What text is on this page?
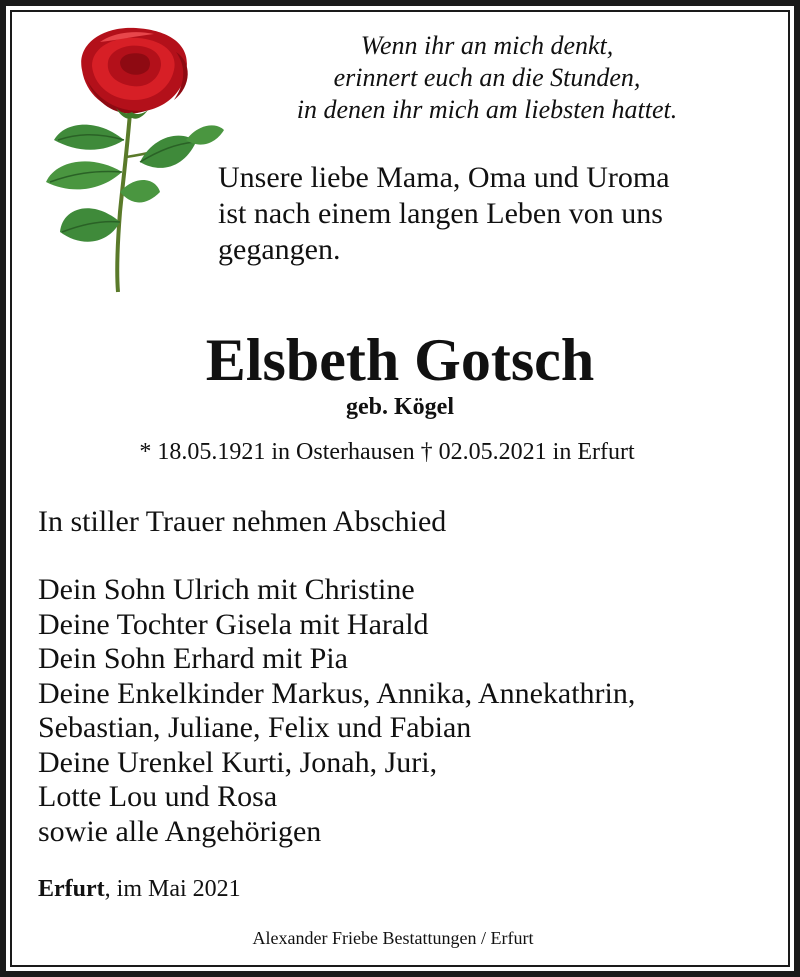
Wenn ihr an mich denkt,
erinnert euch an die Stunden,
in denen ihr mich am liebsten hattet.
Unsere liebe Mama, Oma und Uroma
ist nach einem langen Leben von uns
gegangen.
Elsbeth Gotsch
geb. Kögel
* 18.05.1921 in Osterhausen † 02.05.2021 in Erfurt
In stiller Trauer nehmen Abschied
Dein Sohn Ulrich mit Christine
Deine Tochter Gisela mit Harald
Dein Sohn Erhard mit Pia
Deine Enkelkinder Markus, Annika, Annekathrin,
Sebastian, Juliane, Felix und Fabian
Deine Urenkel Kurti, Jonah, Juri,
Lotte Lou und Rosa
sowie alle Angehörigen
Erfurt, im Mai 2021
Alexander Friebe Bestattungen / Erfurt
